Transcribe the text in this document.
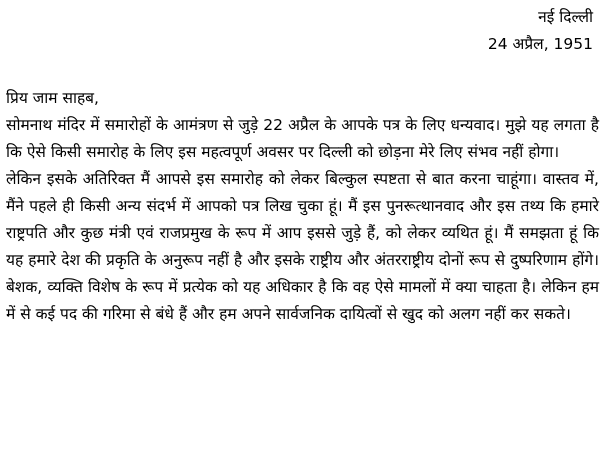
नई दिल्ली
24 अप्रैल, 1951
प्रिय जाम साहब,

सोमनाथ मंदिर में समारोहों के आमंत्रण से जुड़े 22 अप्रैल के आपके पत्र के लिए धन्यवाद। मुझे यह लगता है कि ऐसे किसी समारोह के लिए इस महत्वपूर्ण अवसर पर दिल्ली को छोड़ना मेरे लिए संभव नहीं होगा।

लेकिन इसके अतिरिक्त मैं आपसे इस समारोह को लेकर बिल्कुल स्पष्टता से बात करना चाहूंगा। वास्तव में, मैंने पहले ही किसी अन्य संदर्भ में आपको पत्र लिख चुका हूं। मैं इस पुनरूत्थानवाद और इस तथ्य कि हमारे राष्ट्रपति और कुछ मंत्री एवं राजप्रमुख के रूप में आप इससे जुड़े हैं, को लेकर व्यथित हूं। मैं समझता हूं कि यह हमारे देश की प्रकृति के अनुरूप नहीं है और इसके राष्ट्रीय और अंतरराष्ट्रीय दोनों रूप से दुष्परिणाम होंगे। बेशक, व्यक्ति विशेष के रूप में प्रत्येक को यह अधिकार है कि वह ऐसे मामलों में क्या चाहता है। लेकिन हम में से कई पद की गरिमा से बंधे हैं और हम अपने सार्वजनिक दायित्वों से खुद को अलग नहीं कर सकते।
